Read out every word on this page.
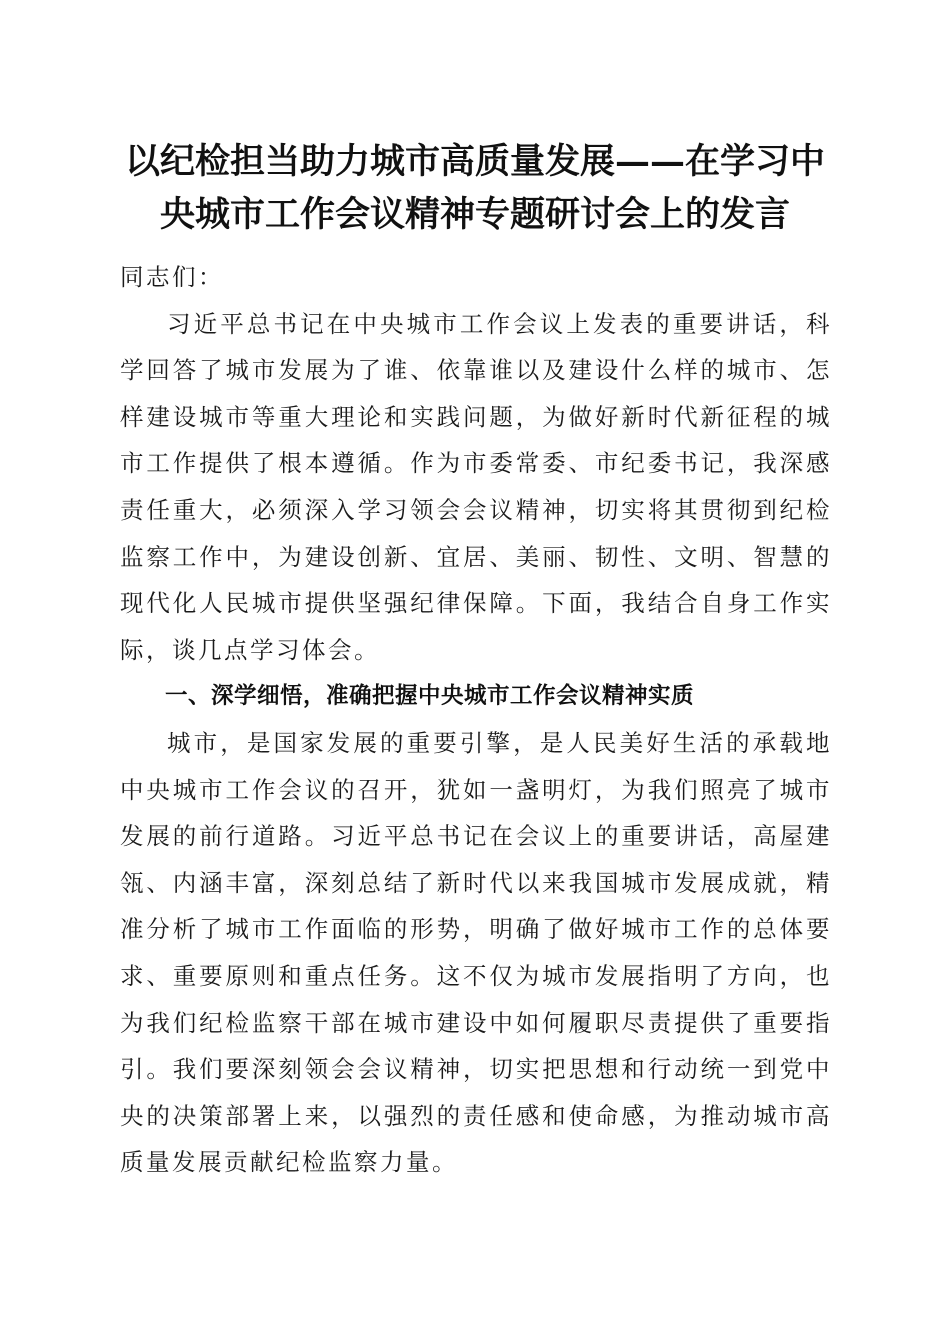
以纪检担当助力城市高质量发展——在学习中央城市工作会议精神专题研讨会上的发言

同志们：

习近平总书记在中央城市工作会议上发表的重要讲话，科学回答了城市发展为了谁、依靠谁以及建设什么样的城市、怎样建设城市等重大理论和实践问题，为做好新时代新征程的城市工作提供了根本遵循。作为市委常委、市纪委书记，我深感责任重大，必须深入学习领会会议精神，切实将其贯彻到纪检监察工作中，为建设创新、宜居、美丽、韧性、文明、智慧的现代化人民城市提供坚强纪律保障。下面，我结合自身工作实际，谈几点学习体会。

一、深学细悟，准确把握中央城市工作会议精神实质

城市，是国家发展的重要引擎，是人民美好生活的承载地中央城市工作会议的召开，犹如一盏明灯，为我们照亮了城市发展的前行道路。习近平总书记在会议上的重要讲话，高屋建瓴、内涵丰富，深刻总结了新时代以来我国城市发展成就，精准分析了城市工作面临的形势，明确了做好城市工作的总体要求、重要原则和重点任务。这不仅为城市发展指明了方向，也为我们纪检监察干部在城市建设中如何履职尽责提供了重要指引。我们要深刻领会会议精神，切实把思想和行动统一到党中央的决策部署上来，以强烈的责任感和使命感，为推动城市高质量发展贡献纪检监察力量。
